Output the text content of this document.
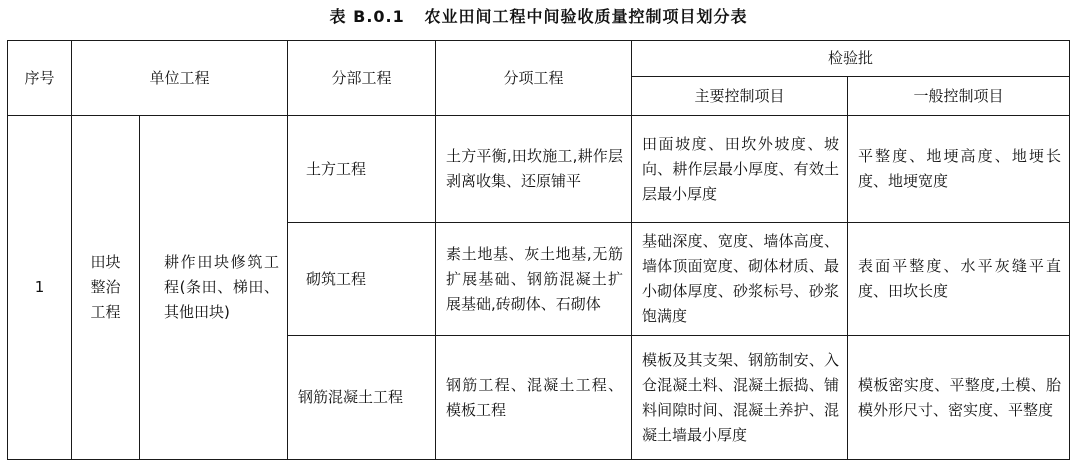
表 B.0.1   农业田间工程中间验收质量控制项目划分表
序号	单位工程		分部工程	分项工程	检验批	
					主要控制项目	一般控制项目
1	田块整治工程	耕作田块修筑工程(条田、梯田、其他田块)	土方工程	土方平衡,田坎施工,耕作层剥离收集、还原铺平	田面坡度、田坎外坡度、坡向、耕作层最小厚度、有效土层最小厚度	平整度、地埂高度、地埂长度、地埂宽度

			砌筑工程	素土地基、灰土地基,无筋扩展基础、钢筋混凝土扩展基础,砖砌体、石砌体	基础深度、宽度、墙体高度、墙体顶面宽度、砌体材质、最小砌体厚度、砂浆标号、砂浆饱满度	表面平整度、水平灰缝平直度、田坎长度

			钢筋混凝土工程	钢筋工程、混凝土工程、模板工程	模板及其支架、钢筋制安、入仓混凝土料、混凝土振捣、铺料间隙时间、混凝土养护、混凝土墙最小厚度	模板密实度、平整度,土模、胎模外形尺寸、密实度、平整度
